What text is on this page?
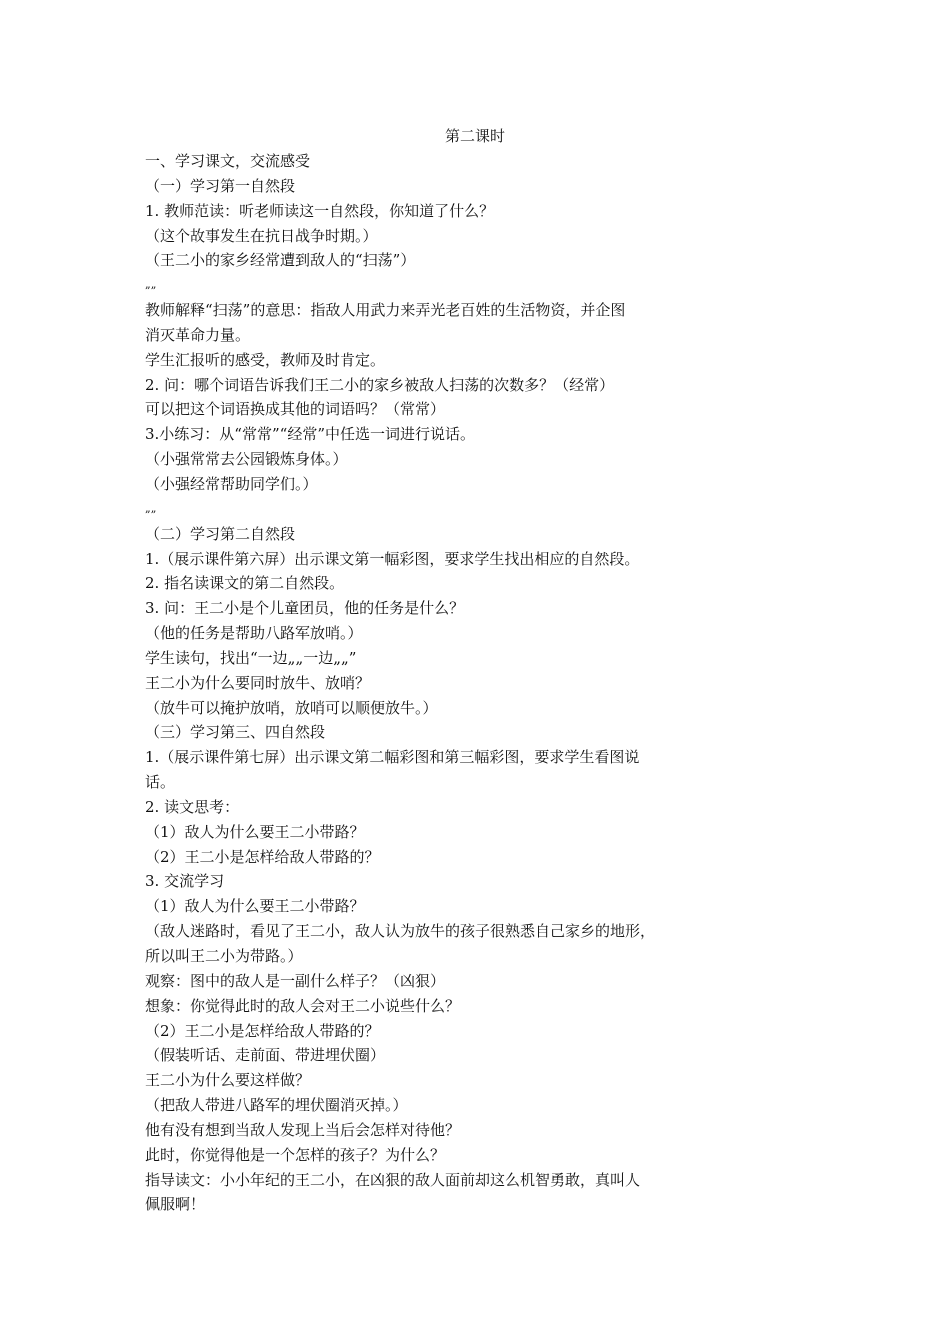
第二课时
一、学习课文，交流感受
（一）学习第一自然段
1. 教师范读：听老师读这一自然段，你知道了什么？
（这个故事发生在抗日战争时期。）
（王二小的家乡经常遭到敌人的“扫荡”）
„„
教师解释“扫荡”的意思：指敌人用武力来弄光老百姓的生活物资，并企图
消灭革命力量。
学生汇报听的感受，教师及时肯定。
2. 问：哪个词语告诉我们王二小的家乡被敌人扫荡的次数多？（经常）
可以把这个词语换成其他的词语吗？（常常）
3.小练习：从“常常”“经常”中任选一词进行说话。
（小强常常去公园锻炼身体。）
（小强经常帮助同学们。）
„„
（二）学习第二自然段
1.（展示课件第六屏）出示课文第一幅彩图，要求学生找出相应的自然段。
2. 指名读课文的第二自然段。
3. 问：王二小是个儿童团员，他的任务是什么？
（他的任务是帮助八路军放哨。）
学生读句，找出“一边„„一边„„”
王二小为什么要同时放牛、放哨？
（放牛可以掩护放哨，放哨可以顺便放牛。）
（三）学习第三、四自然段
1.（展示课件第七屏）出示课文第二幅彩图和第三幅彩图，要求学生看图说
话。
2. 读文思考：
（1）敌人为什么要王二小带路？
（2）王二小是怎样给敌人带路的？
3. 交流学习
（1）敌人为什么要王二小带路？
（敌人迷路时，看见了王二小，敌人认为放牛的孩子很熟悉自己家乡的地形，
所以叫王二小为带路。）
观察：图中的敌人是一副什么样子？（凶狠）
想象：你觉得此时的敌人会对王二小说些什么？
（2）王二小是怎样给敌人带路的？
（假装听话、走前面、带进埋伏圈）
王二小为什么要这样做？
（把敌人带进八路军的埋伏圈消灭掉。）
他有没有想到当敌人发现上当后会怎样对待他？
此时，你觉得他是一个怎样的孩子？为什么？
指导读文：小小年纪的王二小，在凶狠的敌人面前却这么机智勇敢，真叫人
佩服啊！
